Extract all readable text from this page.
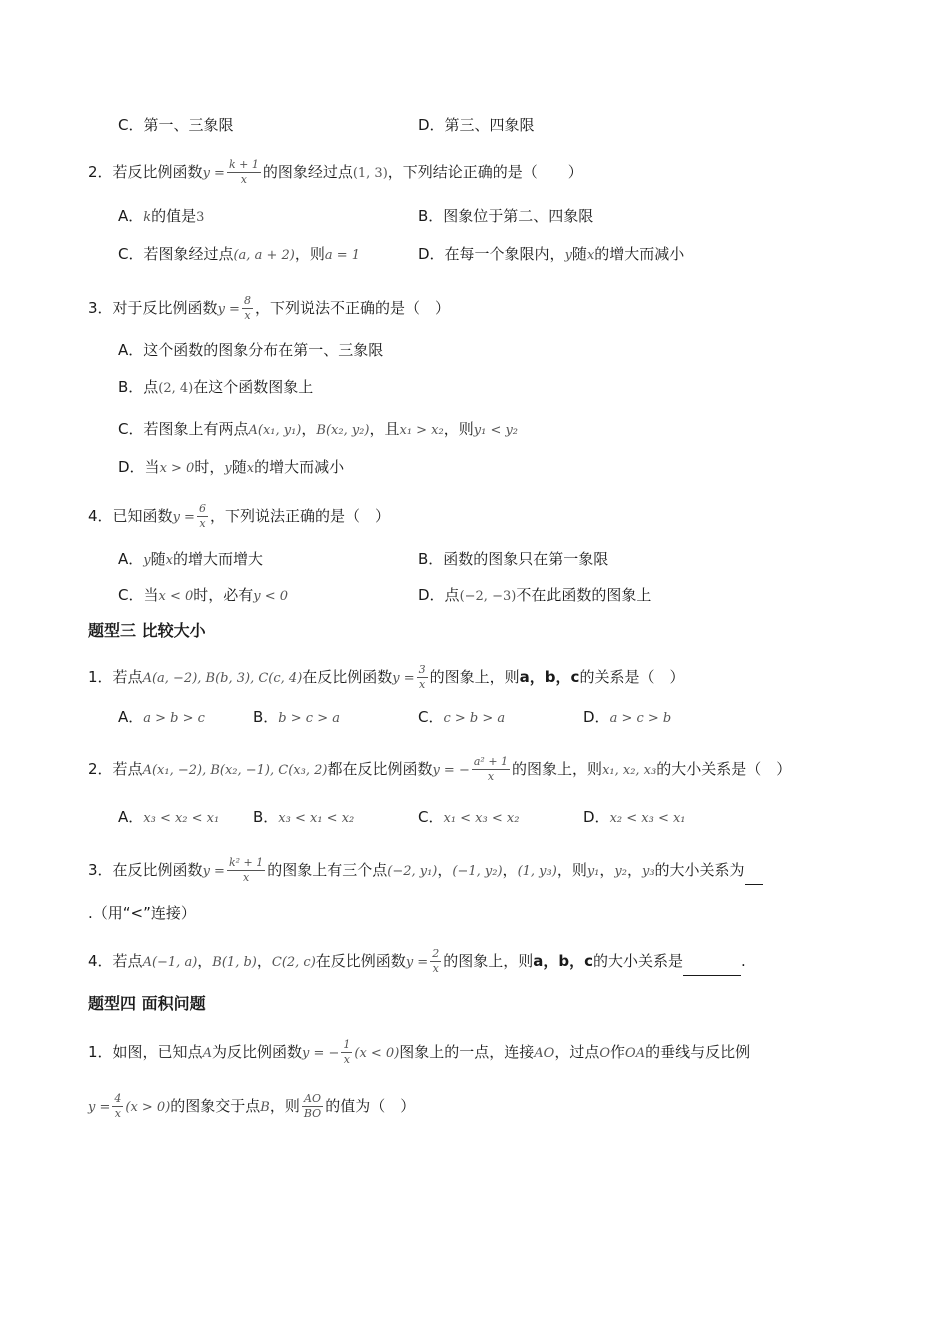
C．第一、三象限	D．第三、四象限
2．若反比例函数$y = \frac{k + 1}{x}$ 的图象经过点(1, 3)，下列结论正确的是（　　）
A．k的值是3	B．图象位于第二、四象限
C．若图象经过点(a, a + 2)，则a = 1	D．在每一个象限内，y随x的增大而减小
3．对于反比例函数$y = \frac{8}{x}$ ，下列说法不正确的是（　）
A．这个函数的图象分布在第一、三象限
B．点(2, 4)在这个函数图象上
C．若图象上有两点A(x₁, y₁)，B(x₂, y₂)，且x₁ > x₂，则y₁ < y₂
D．当x > 0时，y随x的增大而减小
4．已知函数$y = \frac{6}{x}$ ，下列说法正确的是（　）
A．y随x的增大而增大	B．函数的图象只在第一象限
C．当x < 0时，必有y < 0	D．点(−2, −3)不在此函数的图象上
题型三 比较大小
1．若点A(a, −2), B(b, 3), C(c, 4)在反比例函数$y = \frac{3}{x}$ 的图象上，则a，b，c的关系是（　）
A．a > b > c	B．b > c > a	C．c > b > a	D．a > c > b
2．若点A(x₁, −2), B(x₂, −1), C(x₃, 2)都在反比例函数y = − $\frac{\text{a² + 1}}{x}$ 的图象上，则x₁, x₂, x₃的大小关系是（　）
A．x₃ < x₂ < x₁ B．x₃ < x₁ < x₂	C．x₁ < x₃ < x₂	D．x₂ < x₃ < x₁
3．在反比例函数$y = \frac{\text{k² + 1}}{x}$ 的图象上有三个点(−2, y₁)，(−1, y₂)，(1, y₃)，则y₁，y₂，y₃的大小关系为
.（用“<”连接）
4．若点A(−1, a)，B(1, b)，C(2, c)在反比例函数$y = \frac{2}{x}$ 的图象上，则a，b，c的大小关系是	.
题型四 面积问题
1．如图，已知点A为反比例函数y = − $\frac{1}{x} (x < 0)$图象上的一点，连接AO，过点O作OA的垂线与反比例
$y = \frac{4}{x} (x > 0)$的图象交于点B，则 $\frac{AO}{BO}$ 的值为（　）
